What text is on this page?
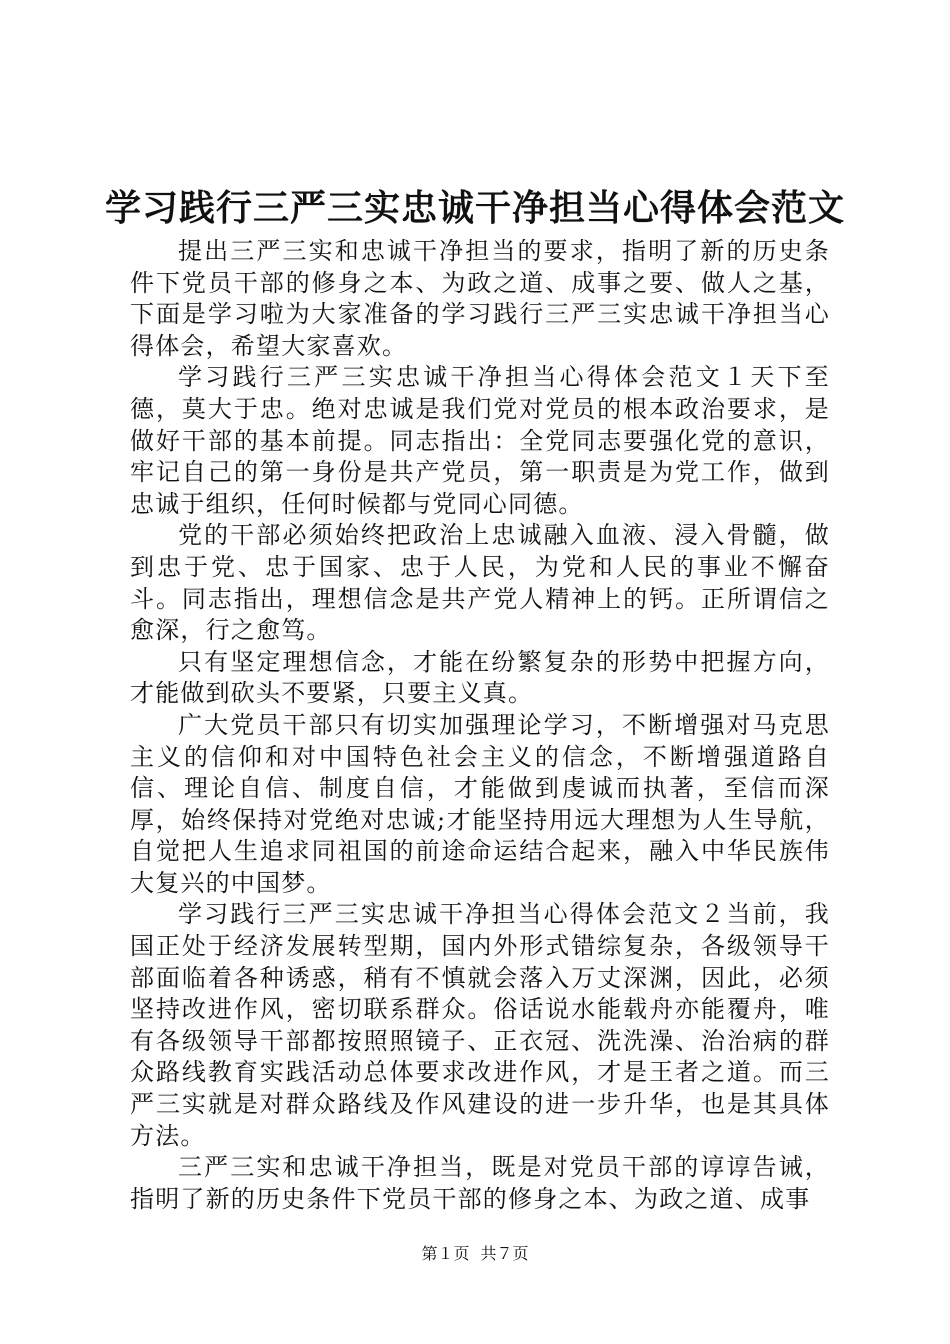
学习践行三严三实忠诚干净担当心得体会范文

提出三严三实和忠诚干净担当的要求，指明了新的历史条件下党员干部的修身之本、为政之道、成事之要、做人之基，下面是学习啦为大家准备的学习践行三严三实忠诚干净担当心得体会，希望大家喜欢。

学习践行三严三实忠诚干净担当心得体会范文１天下至德，莫大于忠。绝对忠诚是我们党对党员的根本政治要求，是做好干部的基本前提。同志指出：全党同志要强化党的意识，牢记自己的第一身份是共产党员，第一职责是为党工作，做到忠诚于组织，任何时候都与党同心同德。

党的干部必须始终把政治上忠诚融入血液、浸入骨髓，做到忠于党、忠于国家、忠于人民，为党和人民的事业不懈奋斗。同志指出，理想信念是共产党人精神上的钙。正所谓信之愈深，行之愈笃。

只有坚定理想信念，才能在纷繁复杂的形势中把握方向，才能做到砍头不要紧，只要主义真。

广大党员干部只有切实加强理论学习，不断增强对马克思主义的信仰和对中国特色社会主义的信念，不断增强道路自信、理论自信、制度自信，才能做到虔诚而执著，至信而深厚，始终保持对党绝对忠诚;才能坚持用远大理想为人生导航，自觉把人生追求同祖国的前途命运结合起来，融入中华民族伟大复兴的中国梦。

学习践行三严三实忠诚干净担当心得体会范文２当前，我国正处于经济发展转型期，国内外形式错综复杂，各级领导干部面临着各种诱惑，稍有不慎就会落入万丈深渊，因此，必须坚持改进作风，密切联系群众。俗话说水能载舟亦能覆舟，唯有各级领导干部都按照照镜子、正衣冠、洗洗澡、治治病的群众路线教育实践活动总体要求改进作风，才是王者之道。而三严三实就是对群众路线及作风建设的进一步升华，也是其具体方法。

三严三实和忠诚干净担当，既是对党员干部的谆谆告诫，指明了新的历史条件下党员干部的修身之本、为政之道、成事

第１页 共７页
